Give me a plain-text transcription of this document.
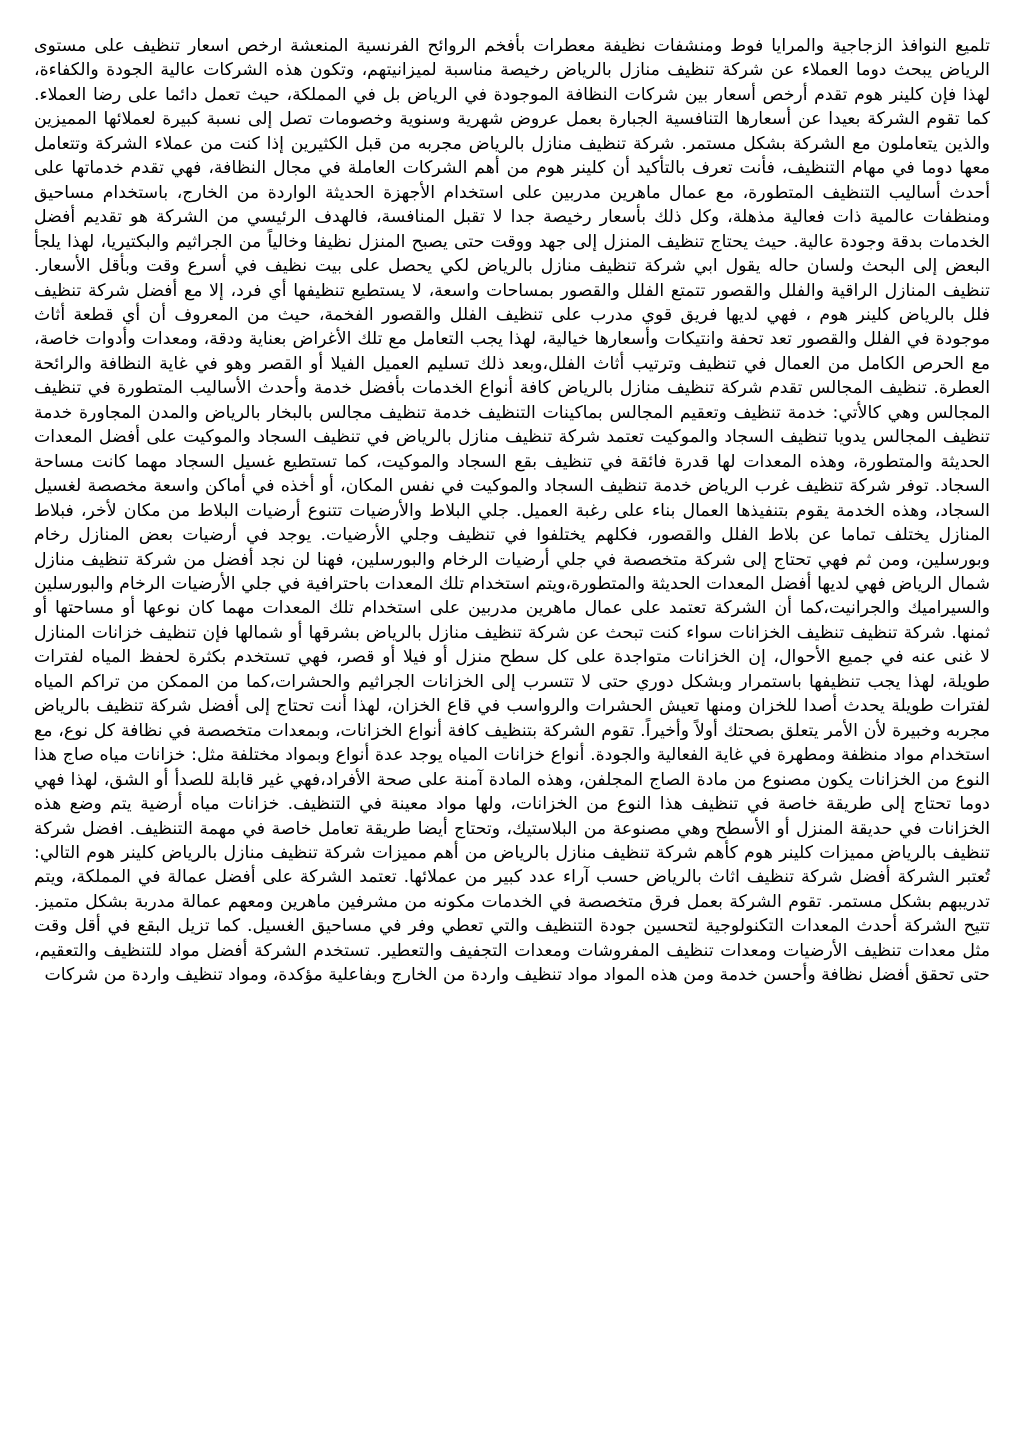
تلميع النوافذ الزجاجية والمرايا فوط ومنشفات نظيفة معطرات بأفخم الروائح الفرنسية المنعشة ارخص اسعار تنظيف على مستوى الرياض يبحث دوما العملاء عن شركة تنظيف منازل بالرياض رخيصة مناسبة لميزانيتهم، وتكون هذه الشركات عالية الجودة والكفاءة، لهذا فإن كلينر هوم تقدم أرخص أسعار بين شركات النظافة الموجودة في الرياض بل في المملكة، حيث تعمل دائما على رضا العملاء. كما تقوم الشركة بعيدا عن أسعارها التنافسية الجبارة بعمل عروض شهرية وسنوية وخصومات تصل إلى نسبة كبيرة لعملائها المميزين والذين يتعاملون مع الشركة بشكل مستمر. شركة تنظيف منازل بالرياض مجربه من قبل الكثيرين إذا كنت من عملاء الشركة وتتعامل معها دوما في مهام التنظيف، فأنت تعرف بالتأكيد أن كلينر هوم من أهم الشركات العاملة في مجال النظافة، فهي تقدم خدماتها على أحدث أساليب التنظيف المتطورة، مع عمال ماهرين مدربين على استخدام الأجهزة الحديثة الواردة من الخارج، باستخدام مساحيق ومنظفات عالمية ذات فعالية مذهلة، وكل ذلك بأسعار رخيصة جدا لا تقبل المنافسة، فالهدف الرئيسي من الشركة هو تقديم أفضل الخدمات بدقة وجودة عالية. حيث يحتاج تنظيف المنزل إلى جهد ووقت حتى يصبح المنزل نظيفا وخالياً من الجراثيم والبكتيريا، لهذا يلجأ البعض إلى البحث ولسان حاله يقول ابي شركة تنظيف منازل بالرياض لكي يحصل على بيت نظيف في أسرع وقت وبأقل الأسعار. تنظيف المنازل الراقية والفلل والقصور تتمتع الفلل والقصور بمساحات واسعة، لا يستطيع تنظيفها أي فرد، إلا مع أفضل شركة تنظيف فلل بالرياض كلينر هوم ، فهي لديها فريق قوي مدرب على تنظيف الفلل والقصور الفخمة، حيث من المعروف أن أي قطعة أثاث موجودة في الفلل والقصور تعد تحفة وانتيكات وأسعارها خيالية، لهذا يجب التعامل مع تلك الأغراض بعناية ودقة، ومعدات وأدوات خاصة، مع الحرص الكامل من العمال في تنظيف وترتيب أثاث الفلل،وبعد ذلك تسليم العميل الفيلا أو القصر وهو في غاية النظافة والرائحة العطرة. تنظيف المجالس تقدم شركة تنظيف منازل بالرياض كافة أنواع الخدمات بأفضل خدمة وأحدث الأساليب المتطورة في تنظيف المجالس وهي كالأتي: خدمة تنظيف وتعقيم المجالس بماكينات التنظيف خدمة تنظيف مجالس بالبخار بالرياض والمدن المجاورة خدمة تنظيف المجالس يدويا تنظيف السجاد والموكيت تعتمد شركة تنظيف منازل بالرياض في تنظيف السجاد والموكيت على أفضل المعدات الحديثة والمتطورة، وهذه المعدات لها قدرة فائقة في تنظيف بقع السجاد والموكيت، كما تستطيع غسيل السجاد مهما كانت مساحة السجاد. توفر شركة تنظيف غرب الرياض خدمة تنظيف السجاد والموكيت في نفس المكان، أو أخذه في أماكن واسعة مخصصة لغسيل السجاد، وهذه الخدمة يقوم بتنفيذها العمال بناء على رغبة العميل. جلي البلاط والأرضيات تتنوع أرضيات البلاط من مكان لأخر، فبلاط المنازل يختلف تماما عن بلاط الفلل والقصور، فكلهم يختلفوا في تنظيف وجلي الأرضيات. يوجد في أرضيات بعض المنازل رخام وبورسلين، ومن ثم فهي تحتاج إلى شركة متخصصة في جلي أرضيات الرخام والبورسلين، فهنا لن نجد أفضل من شركة تنظيف منازل شمال الرياض فهي لديها أفضل المعدات الحديثة والمتطورة،ويتم استخدام تلك المعدات باحترافية في جلي الأرضيات الرخام والبورسلين والسيراميك والجرانيت،كما أن الشركة تعتمد على عمال ماهرين مدربين على استخدام تلك المعدات مهما كان نوعها أو مساحتها أو ثمنها. شركة تنظيف تنظيف الخزانات سواء كنت تبحث عن شركة تنظيف منازل بالرياض بشرقها أو شمالها فإن تنظيف خزانات المنازل لا غنى عنه في جميع الأحوال، إن الخزانات متواجدة على كل سطح منزل أو فيلا أو قصر، فهي تستخدم بكثرة لحفظ المياه لفترات طويلة، لهذا يجب تنظيفها باستمرار وبشكل دوري حتى لا تتسرب إلى الخزانات الجراثيم والحشرات،كما من الممكن من تراكم المياه لفترات طويلة يحدث أصدا للخزان ومنها تعيش الحشرات والرواسب في قاع الخزان، لهذا أنت تحتاج إلى أفضل شركة تنظيف بالرياض مجربه وخبيرة لأن الأمر يتعلق بصحتك أولاً وأخيراً. تقوم الشركة بتنظيف كافة أنواع الخزانات، وبمعدات متخصصة في نظافة كل نوع، مع استخدام مواد منظفة ومطهرة في غاية الفعالية والجودة. أنواع خزانات المياه يوجد عدة أنواع وبمواد مختلفة مثل: خزانات مياه صاج هذا النوع من الخزانات يكون مصنوع من مادة الصاج المجلفن، وهذه المادة آمنة على صحة الأفراد،فهي غير قابلة للصدأ أو الشق، لهذا فهي دوما تحتاج إلى طريقة خاصة في تنظيف هذا النوع من الخزانات، ولها مواد معينة في التنظيف. خزانات مياه أرضية يتم وضع هذه الخزانات في حديقة المنزل أو الأسطح وهي مصنوعة من البلاستيك، وتحتاج أيضا طريقة تعامل خاصة في مهمة التنظيف. افضل شركة تنظيف بالرياض مميزات كلينر هوم كأهم شركة تنظيف منازل بالرياض من أهم مميزات شركة تنظيف منازل بالرياض كلينر هوم التالي: تُعتبر الشركة أفضل شركة تنظيف اثاث بالرياض حسب آراء عدد كبير من عملائها. تعتمد الشركة على أفضل عمالة في المملكة، ويتم تدريبهم بشكل مستمر. تقوم الشركة بعمل فرق متخصصة في الخدمات مكونه من مشرفين ماهرين ومعهم عمالة مدربة بشكل متميز. تتيح الشركة أحدث المعدات التكنولوجية لتحسين جودة التنظيف والتي تعطي وفر في مساحيق الغسيل. كما تزيل البقع في أقل وقت مثل معدات تنظيف الأرضيات ومعدات تنظيف المفروشات ومعدات التجفيف والتعطير. تستخدم الشركة أفضل مواد للتنظيف والتعقيم، حتى تحقق أفضل نظافة وأحسن خدمة ومن هذه المواد مواد تنظيف واردة من الخارج وبفاعلية مؤكدة، ومواد تنظيف واردة من شركات
